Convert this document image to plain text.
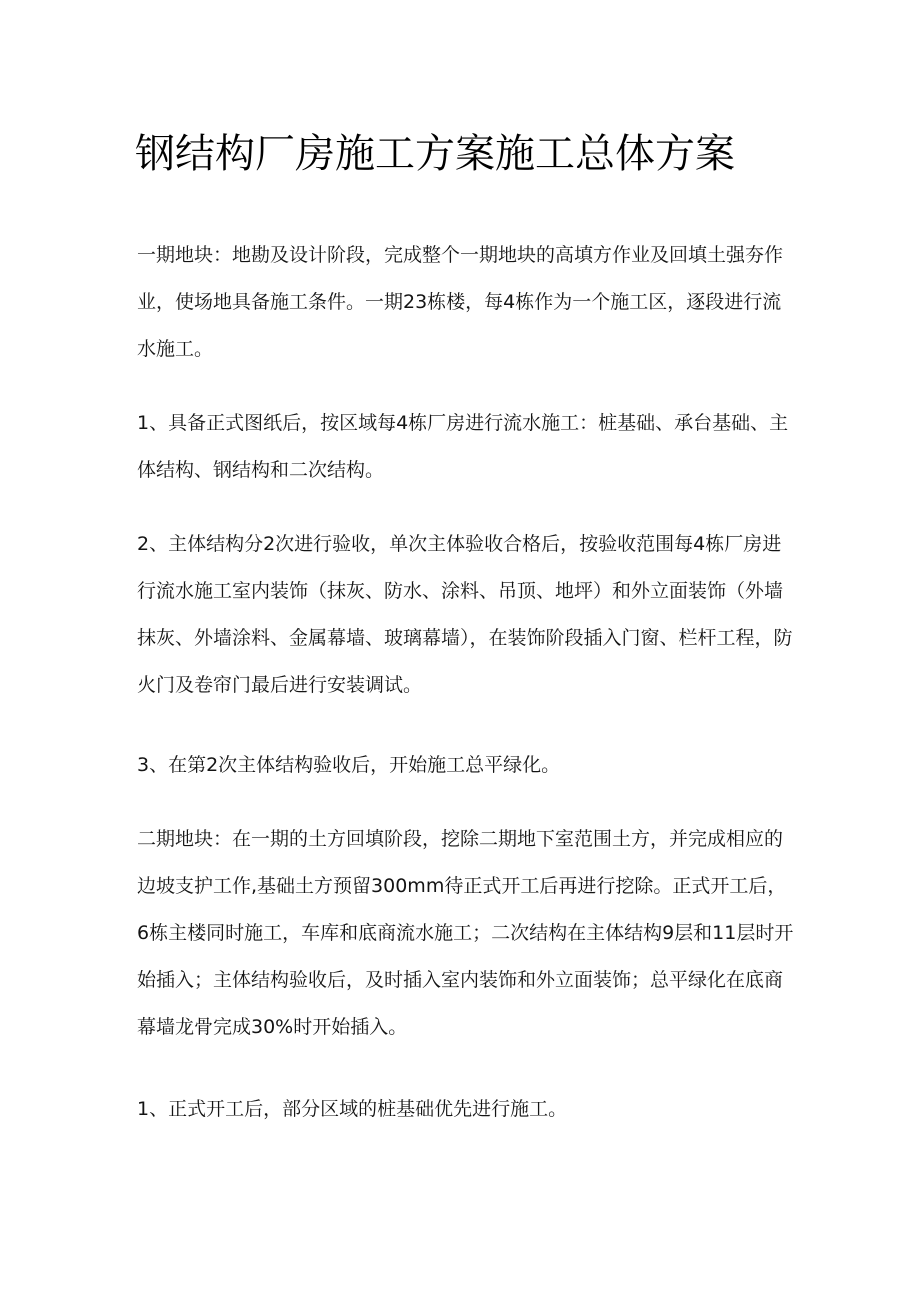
钢结构厂房施工方案施工总体方案

一期地块：地勘及设计阶段，完成整个一期地块的高填方作业及回填土强夯作业，使场地具备施工条件。一期23栋楼，每4栋作为一个施工区，逐段进行流水施工。

1、具备正式图纸后，按区域每4栋厂房进行流水施工：桩基础、承台基础、主体结构、钢结构和二次结构。

2、主体结构分2次进行验收，单次主体验收合格后，按验收范围每4栋厂房进行流水施工室内装饰（抹灰、防水、涂料、吊顶、地坪）和外立面装饰（外墙抹灰、外墙涂料、金属幕墙、玻璃幕墙），在装饰阶段插入门窗、栏杆工程，防火门及卷帘门最后进行安装调试。

3、在第2次主体结构验收后，开始施工总平绿化。

二期地块：在一期的土方回填阶段，挖除二期地下室范围土方，并完成相应的边坡支护工作,基础土方预留300mm待正式开工后再进行挖除。正式开工后，6栋主楼同时施工，车库和底商流水施工；二次结构在主体结构9层和11层时开始插入；主体结构验收后，及时插入室内装饰和外立面装饰；总平绿化在底商幕墙龙骨完成30%时开始插入。

1、正式开工后，部分区域的桩基础优先进行施工。
